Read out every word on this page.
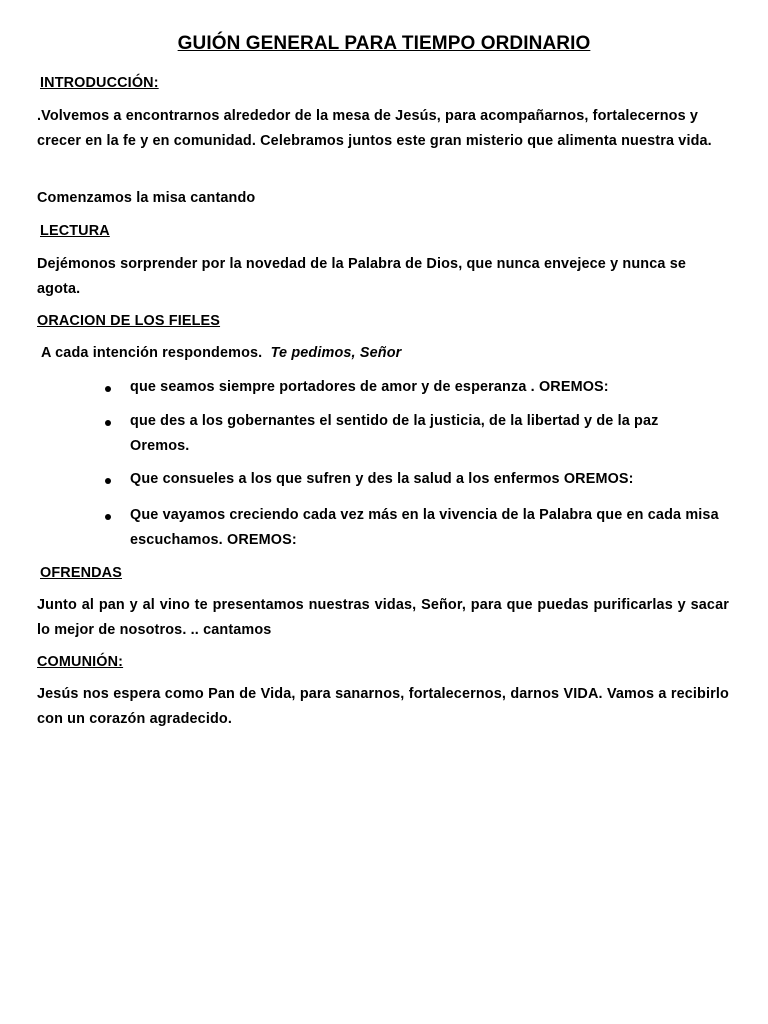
GUIÓN GENERAL PARA TIEMPO ORDINARIO
INTRODUCCIÓN:
.Volvemos a encontrarnos alrededor de la mesa de Jesús, para acompañarnos, fortalecernos y crecer en la fe y en comunidad. Celebramos juntos este gran misterio que alimenta nuestra vida.
Comenzamos la misa cantando
LECTURA
Dejémonos sorprender por la novedad de la Palabra de Dios, que nunca envejece y nunca se agota.
ORACION DE LOS FIELES
A cada intención respondemos. Te pedimos, Señor
que seamos siempre portadores de amor y de esperanza . OREMOS:
que des a los gobernantes el sentido de la justicia, de la libertad y de la paz Oremos.
Que consueles a los que sufren y des la salud a los enfermos OREMOS:
Que vayamos creciendo cada vez más en la vivencia de la Palabra que en cada misa escuchamos. OREMOS:
OFRENDAS
Junto al pan y al vino te presentamos nuestras vidas, Señor, para que puedas purificarlas y sacar lo mejor de nosotros. .. cantamos
COMUNIÓN:
Jesús nos espera como Pan de Vida, para sanarnos, fortalecernos, darnos VIDA. Vamos a recibirlo con un corazón agradecido.
